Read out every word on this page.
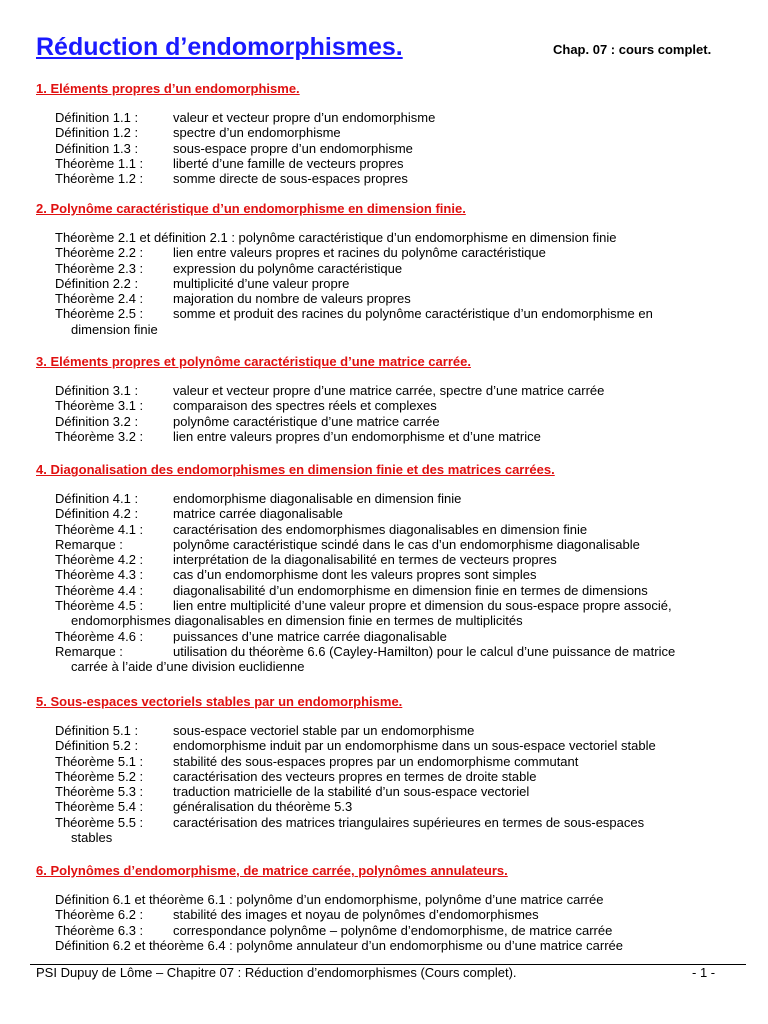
Réduction d’endomorphismes.	Chap. 07 : cours complet.
1. Eléments propres d’un endomorphisme.
Définition 1.1 :	valeur et vecteur propre d’un endomorphisme
Définition 1.2 :	spectre d’un endomorphisme
Définition 1.3 :	sous-espace propre d’un endomorphisme
Théorème 1.1 :	liberté d’une famille de vecteurs propres
Théorème 1.2 :	somme directe de sous-espaces propres
2. Polynôme caractéristique d’un endomorphisme en dimension finie.
Théorème 2.1 et définition 2.1 : polynôme caractéristique d’un endomorphisme en dimension finie
Théorème 2.2 :	lien entre valeurs propres et racines du polynôme caractéristique
Théorème 2.3 :	expression du polynôme caractéristique
Définition 2.2 :	multiplicité d’une valeur propre
Théorème 2.4 :	majoration du nombre de valeurs propres
Théorème 2.5 :	somme et produit des racines du polynôme caractéristique d’un endomorphisme en
dimension finie
3. Eléments propres et polynôme caractéristique d’une matrice carrée.
Définition 3.1 :	valeur et vecteur propre d’une matrice carrée, spectre d’une matrice carrée
Théorème 3.1 :	comparaison des spectres réels et complexes
Définition 3.2 :	polynôme caractéristique d’une matrice carrée
Théorème 3.2 :	lien entre valeurs propres d’un endomorphisme et d’une matrice
4. Diagonalisation des endomorphismes en dimension finie et des matrices carrées.
Définition 4.1 :	endomorphisme diagonalisable en dimension finie
Définition 4.2 :	matrice carrée diagonalisable
Théorème 4.1 :	caractérisation des endomorphismes diagonalisables en dimension finie
Remarque :	polynôme caractéristique scindé dans le cas d’un endomorphisme diagonalisable
Théorème 4.2 :	interprétation de la diagonalisabilité en termes de vecteurs propres
Théorème 4.3 :	cas d’un endomorphisme dont les valeurs propres sont simples
Théorème 4.4 :	diagonalisabilité d’un endomorphisme en dimension finie en termes de dimensions
Théorème 4.5 :	lien entre multiplicité d’une valeur propre et dimension du sous-espace propre associé,
endomorphismes diagonalisables en dimension finie en termes de multiplicités
Théorème 4.6 :	puissances d’une matrice carrée diagonalisable
Remarque :	utilisation du théorème 6.6 (Cayley-Hamilton) pour le calcul d’une puissance de matrice
carrée à l’aide d’une division euclidienne
5. Sous-espaces vectoriels stables par un endomorphisme.
Définition 5.1 :	sous-espace vectoriel stable par un endomorphisme
Définition 5.2 :	endomorphisme induit par un endomorphisme dans un sous-espace vectoriel stable
Théorème 5.1 :	stabilité des sous-espaces propres par un endomorphisme commutant
Théorème 5.2 :	caractérisation des vecteurs propres en termes de droite stable
Théorème 5.3 :	traduction matricielle de la stabilité d’un sous-espace vectoriel
Théorème 5.4 :	généralisation du théorème 5.3
Théorème 5.5 :	caractérisation des matrices triangulaires supérieures en termes de sous-espaces
stables
6. Polynômes d’endomorphisme, de matrice carrée, polynômes annulateurs.
Définition 6.1 et théorème 6.1 : polynôme d’un endomorphisme, polynôme d’une matrice carrée
Théorème 6.2 :	stabilité des images et noyau de polynômes d’endomorphismes
Théorème 6.3 :	correspondance polynôme – polynôme d’endomorphisme, de matrice carrée
Définition 6.2 et théorème 6.4 : polynôme annulateur d’un endomorphisme ou d’une matrice carrée
PSI Dupuy de Lôme – Chapitre 07 : Réduction d’endomorphismes (Cours complet).	- 1 -
